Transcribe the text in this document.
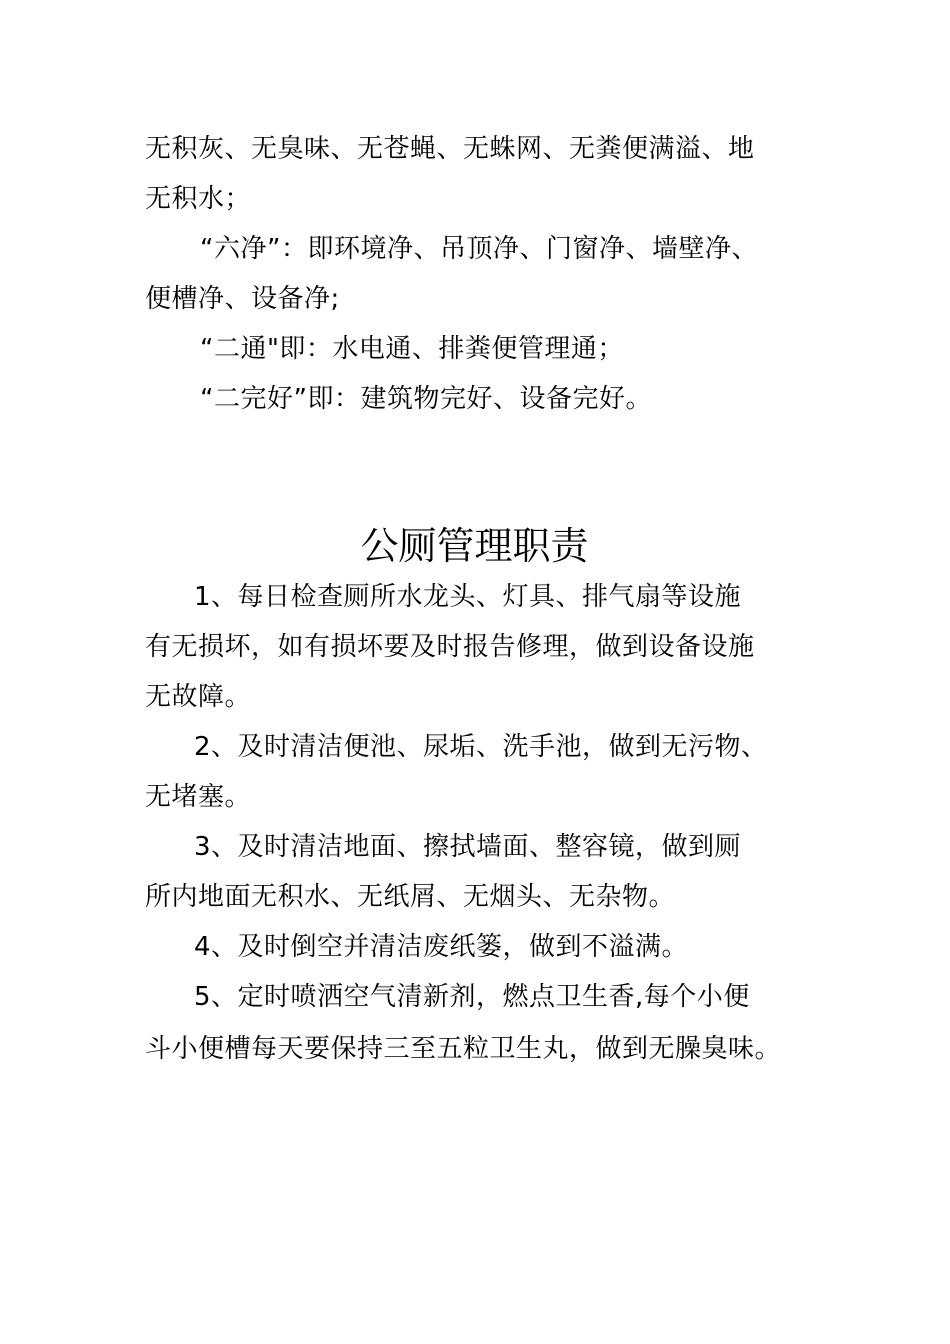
无积灰、无臭味、无苍蝇、无蛛网、无粪便满溢、地
无积水；
“六净”：即环境净、吊顶净、门窗净、墙壁净、
便槽净、设备净;
“二通"即：水电通、排粪便管理通；
“二完好”即：建筑物完好、设备完好。
公厕管理职责
1、每日检查厕所水龙头、灯具、排气扇等设施
有无损坏，如有损坏要及时报告修理，做到设备设施
无故障。
2、及时清洁便池、尿垢、洗手池，做到无污物、
无堵塞。
3、及时清洁地面、擦拭墙面、整容镜，做到厕
所内地面无积水、无纸屑、无烟头、无杂物。
4、及时倒空并清洁废纸篓，做到不溢满。
5、定时喷洒空气清新剂，燃点卫生香,每个小便
斗小便槽每天要保持三至五粒卫生丸，做到无臊臭味。
